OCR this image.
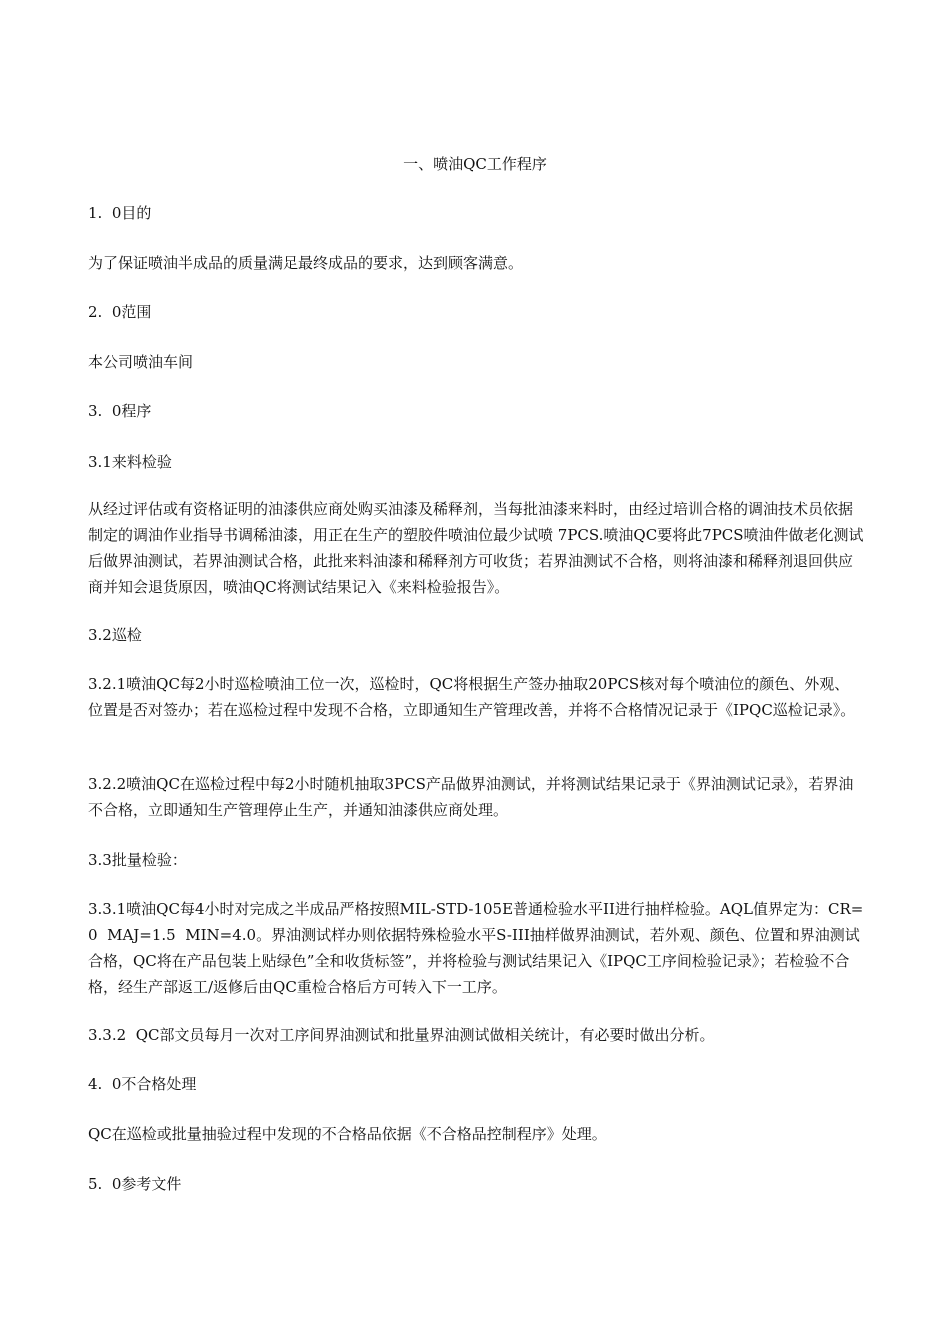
一、喷油QC工作程序
1.  0目的
为了保证喷油半成品的质量满足最终成品的要求，达到顾客满意。
2.  0范围
本公司喷油车间
3.  0程序
3.1来料检验
从经过评估或有资格证明的油漆供应商处购买油漆及稀释剂，当每批油漆来料时，由经过培训合格的调油技术员依据制定的调油作业指导书调稀油漆，用正在生产的塑胶件喷油位最少试喷 7PCS.喷油QC要将此7PCS喷油件做老化测试后做界油测试，若界油测试合格，此批来料油漆和稀释剂方可收货；若界油测试不合格，则将油漆和稀释剂退回供应商并知会退货原因，喷油QC将测试结果记入《来料检验报告》。
3.2巡检
3.2.1喷油QC每2小时巡检喷油工位一次，巡检时，QC将根据生产签办抽取20PCS核对每个喷油位的颜色、外观、位置是否对签办；若在巡检过程中发现不合格，立即通知生产管理改善，并将不合格情况记录于《IPQC巡检记录》。
3.2.2喷油QC在巡检过程中每2小时随机抽取3PCS产品做界油测试，并将测试结果记录于《界油测试记录》，若界油不合格，立即通知生产管理停止生产，并通知油漆供应商处理。
3.3批量检验：
3.3.1喷油QC每4小时对完成之半成品严格按照MIL-STD-105E普通检验水平II进行抽样检验。AQL值界定为：CR=0  MAJ=1.5  MIN=4.0。界油测试样办则依据特殊检验水平S-III抽样做界油测试，若外观、颜色、位置和界油测试合格，QC将在产品包装上贴绿色”全和收货标签”，并将检验与测试结果记入《IPQC工序间检验记录》；若检验不合格，经生产部返工/返修后由QC重检合格后方可转入下一工序。
3.3.2  QC部文员每月一次对工序间界油测试和批量界油测试做相关统计，有必要时做出分析。
4.  0不合格处理
QC在巡检或批量抽验过程中发现的不合格品依据《不合格品控制程序》处理。
5.  0参考文件
